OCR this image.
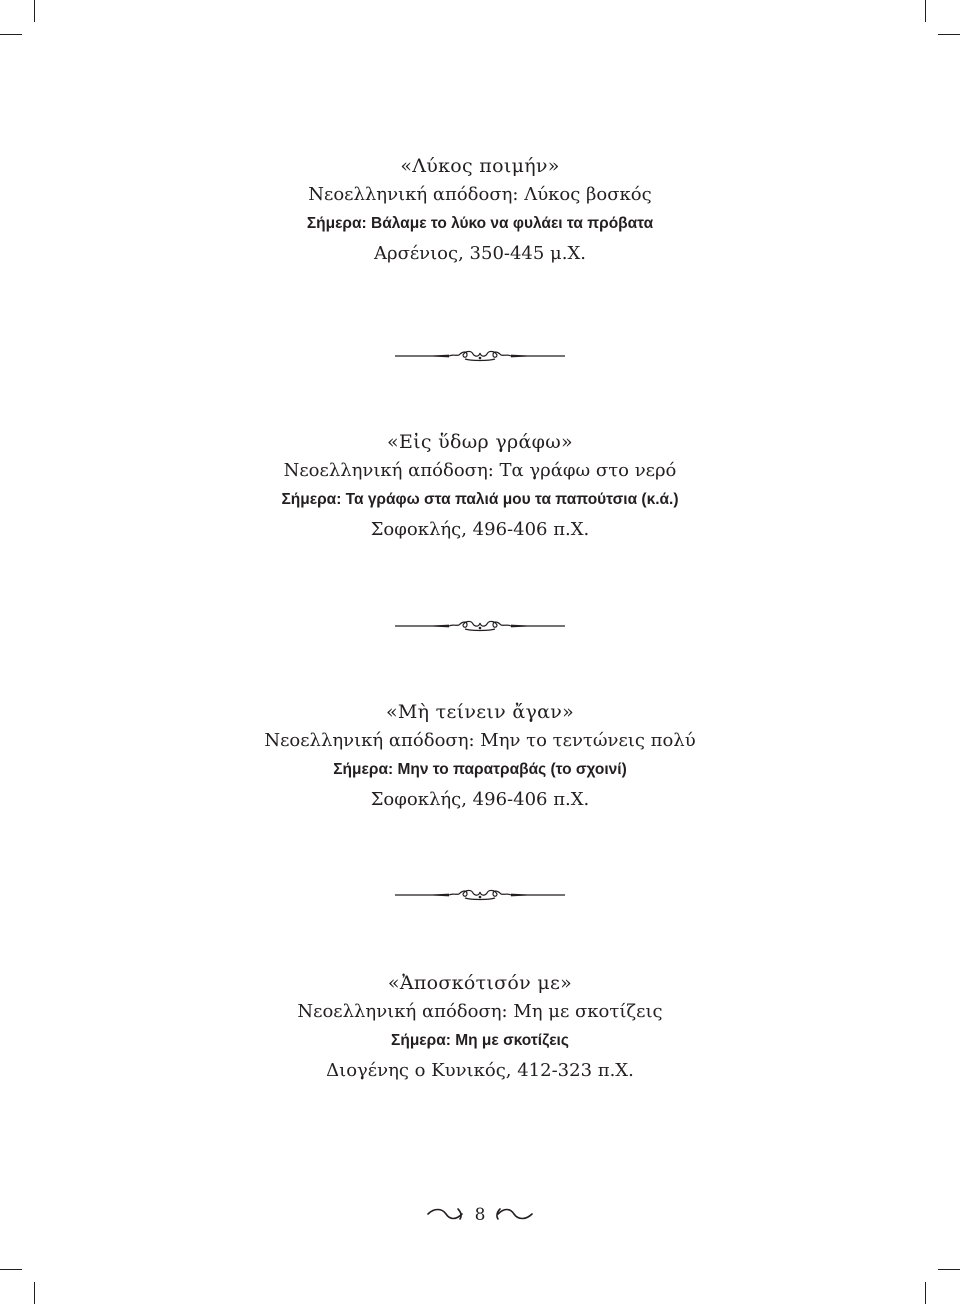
«Λύκος ποιμήν»
Νεοελληνική απόδοση: Λύκος βοσκός
Σήμερα: Βάλαμε το λύκο να φυλάει τα πρόβατα
Αρσένιος, 350-445 μ.Χ.
«Εἰς ὕδωρ γράφω»
Νεοελληνική απόδοση: Τα γράφω στο νερό
Σήμερα: Τα γράφω στα παλιά μου τα παπούτσια (κ.ά.)
Σοφοκλής, 496-406 π.Χ.
«Μὴ τείνειν ἄγαν»
Νεοελληνική απόδοση: Μην το τεντώνεις πολύ
Σήμερα: Μην το παρατραβάς (το σχοινί)
Σοφοκλής, 496-406 π.Χ.
«Ἀποσκότισόν με»
Νεοελληνική απόδοση: Μη με σκοτίζεις
Σήμερα: Μη με σκοτίζεις
Διογένης ο Κυνικός, 412-323 π.Χ.
8
